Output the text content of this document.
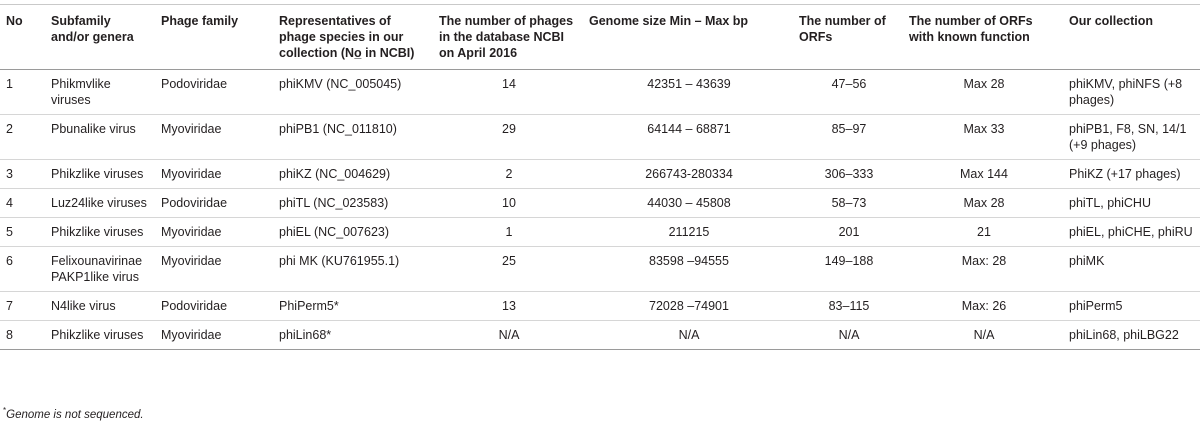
No	Subfamily and/or genera	Phage family	Representatives of phage species in our collection (No̲ in NCBI)	The number of phages in the database NCBI on April 2016	Genome size Min – Max bp	The number of ORFs	The number of ORFs with known function	Our collection
1	Phikmvlike viruses	Podoviridae	phiKMV (NC_005045)	14	42351 – 43639	47–56	Max 28	phiKMV, phiNFS (+8 phages)
2	Pbunalike virus	Myoviridae	phiPB1 (NC_011810)	29	64144 – 68871	85–97	Max 33	phiPB1, F8, SN, 14/1 (+9 phages)
3	Phikzlike viruses	Myoviridae	phiKZ (NC_004629)	2	266743-280334	306–333	Max 144	PhiKZ (+17 phages)
4	Luz24like viruses	Podoviridae	phiTL (NC_023583)	10	44030 – 45808	58–73	Max 28	phiTL, phiCHU
5	Phikzlike viruses	Myoviridae	phiEL (NC_007623)	1	211215	201	21	phiEL, phiCHE, phiRU
6	Felixounavirinae PAKP1like virus	Myoviridae	phi MK (KU761955.1)	25	83598 –94555	149–188	Max: 28	phiMK
7	N4like virus	Podoviridae	PhiPerm5*	13	72028 –74901	83–115	Max: 26	phiPerm5
8	Phikzlike viruses	Myoviridae	phiLin68*	N/A	N/A	N/A	N/A	phiLin68, phiLBG22
*Genome is not sequenced.
